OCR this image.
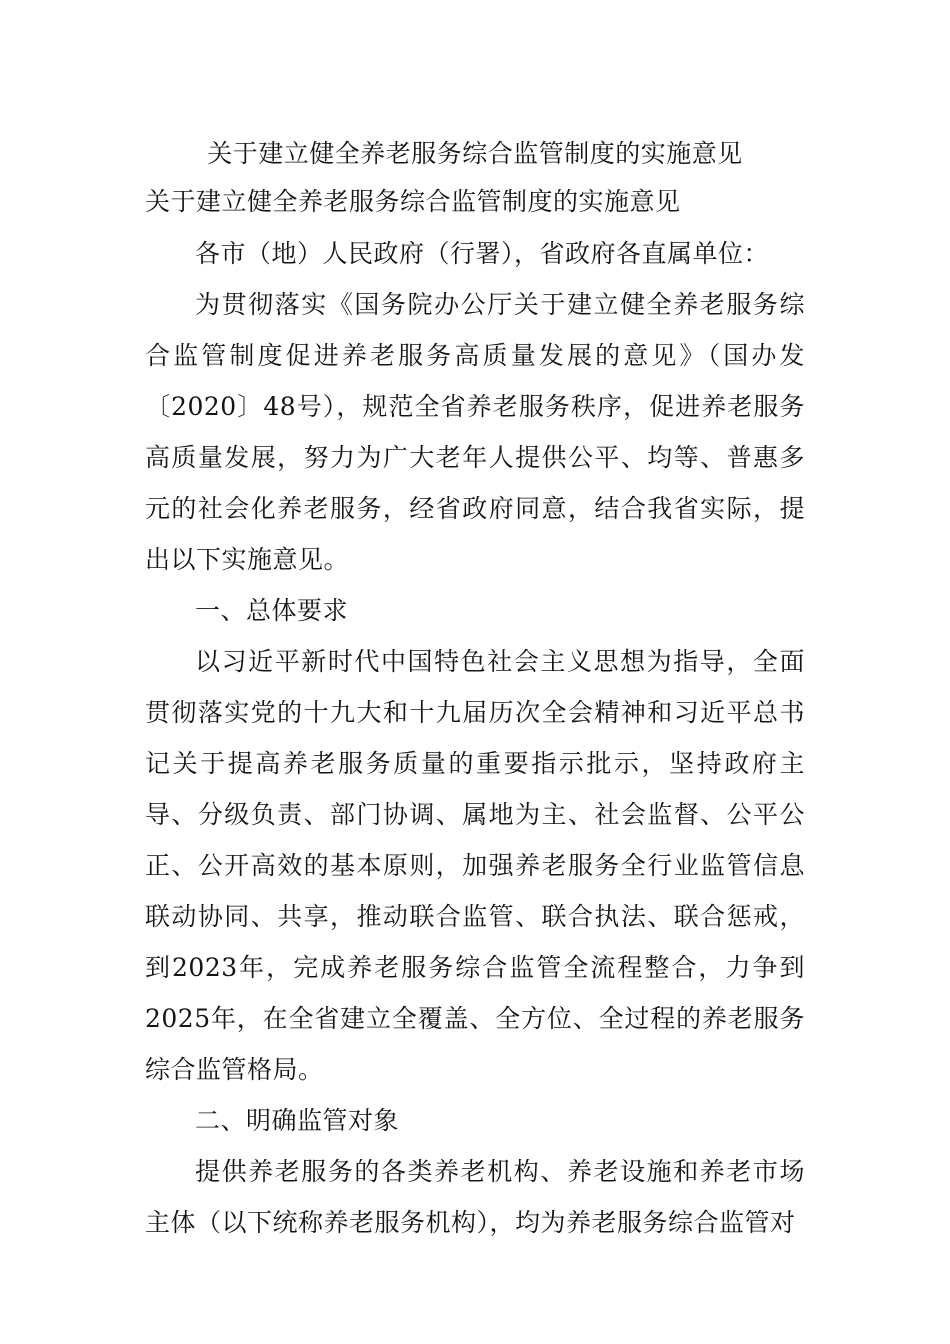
关于建立健全养老服务综合监管制度的实施意见
关于建立健全养老服务综合监管制度的实施意见

各市（地）人民政府（行署），省政府各直属单位：

为贯彻落实《国务院办公厅关于建立健全养老服务综合监管制度促进养老服务高质量发展的意见》（国办发〔2020〕48号），规范全省养老服务秩序，促进养老服务高质量发展，努力为广大老年人提供公平、均等、普惠多元的社会化养老服务，经省政府同意，结合我省实际，提出以下实施意见。

一、总体要求

以习近平新时代中国特色社会主义思想为指导，全面贯彻落实党的十九大和十九届历次全会精神和习近平总书记关于提高养老服务质量的重要指示批示，坚持政府主导、分级负责、部门协调、属地为主、社会监督、公平公正、公开高效的基本原则，加强养老服务全行业监管信息联动协同、共享，推动联合监管、联合执法、联合惩戒，到2023年，完成养老服务综合监管全流程整合，力争到2025年，在全省建立全覆盖、全方位、全过程的养老服务综合监管格局。

二、明确监管对象

提供养老服务的各类养老机构、养老设施和养老市场主体（以下统称养老服务机构），均为养老服务综合监管对
